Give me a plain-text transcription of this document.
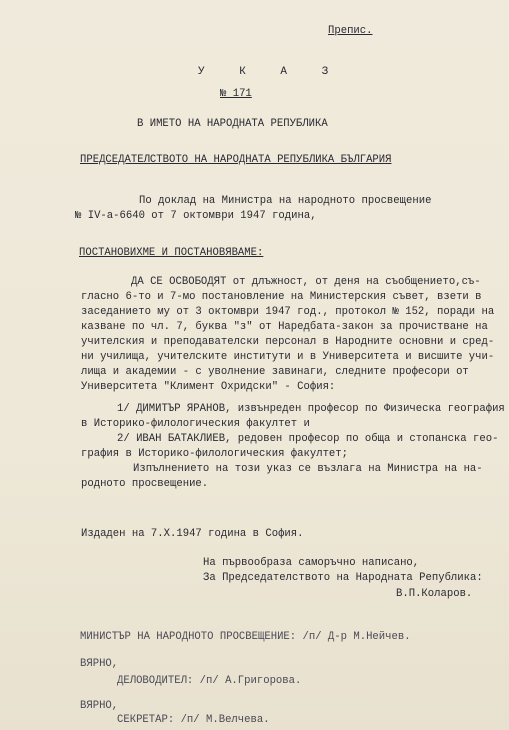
Препис.
У К А З
№ 171
В ИМЕТО НА НАРОДНАТА РЕПУБЛИКА
ПРЕДСЕДАТЕЛСТВОТО НА НАРОДНАТА РЕПУБЛИКА БЪЛГАРИЯ
По доклад на Министра на народното просвещение
№ IV-а-6640 от 7 октомври 1947 година,
ПОСТАНОВИХМЕ И ПОСТАНОВЯВАМЕ:
ДА СЕ ОСВОБОДЯТ от длъжност, от деня на съобщението,съ-
гласно 6-то и 7-мо постановление на Министерския съвет, взети в
заседанието му от 3 октомври 1947 год., протокол № 152, поради на
казване по чл. 7, буква "з" от Наредбата-закон за прочистване на
учителския и преподавателски персонал в Народните основни и сред-
ни училища, учителските институти и в Университета и висшите учи-
лища и академии - с уволнение завинаги, следните професори от
Университета "Климент Охридски" - София:
1/ ДИМИТЪР ЯРАНОВ, извънреден професор по Физическа география
в Историко-филологическия факултет и
2/ ИВАН БАТАКЛИЕВ, редовен професор по обща и стопанска гео-
графия в Историко-филологическия факултет;
Изпълнението на този указ се възлага на Министра на на-
родното просвещение.
Издаден на 7.Х.1947 година в София.
На първообраза саморъчно написано,
За Председателството на Народната Република:
В.П.Коларов.
МИНИСТЪР НА НАРОДНОТО ПРОСВЕЩЕНИЕ: /п/ Д-р М.Нейчев.
ВЯРНО,
ДЕЛОВОДИТЕЛ: /п/ А.Григорова.
ВЯРНО,
СЕКРЕТАР: /п/ М.Велчева.
